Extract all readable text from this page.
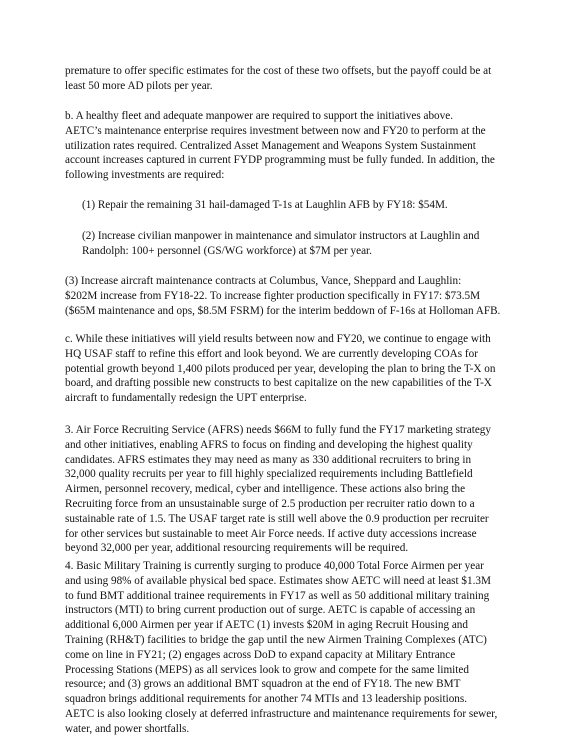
premature to offer specific estimates for the cost of these two offsets, but the payoff could be at
least 50 more AD pilots per year.

b. A healthy fleet and adequate manpower are required to support the initiatives above.
AETC’s maintenance enterprise requires investment between now and FY20 to perform at the
utilization rates required. Centralized Asset Management and Weapons System Sustainment
account increases captured in current FYDP programming must be fully funded. In addition, the
following investments are required:

(1) Repair the remaining 31 hail-damaged T-1s at Laughlin AFB by FY18: $54M.

(2) Increase civilian manpower in maintenance and simulator instructors at Laughlin and
Randolph: 100+ personnel (GS/WG workforce) at $7M per year.

(3) Increase aircraft maintenance contracts at Columbus, Vance, Sheppard and Laughlin:
$202M increase from FY18-22. To increase fighter production specifically in FY17: $73.5M
($65M maintenance and ops, $8.5M FSRM) for the interim beddown of F-16s at Holloman AFB.

c. While these initiatives will yield results between now and FY20, we continue to engage with
HQ USAF staff to refine this effort and look beyond. We are currently developing COAs for
potential growth beyond 1,400 pilots produced per year, developing the plan to bring the T-X on
board, and drafting possible new constructs to best capitalize on the new capabilities of the T-X
aircraft to fundamentally redesign the UPT enterprise.

3. Air Force Recruiting Service (AFRS) needs $66M to fully fund the FY17 marketing strategy
and other initiatives, enabling AFRS to focus on finding and developing the highest quality
candidates. AFRS estimates they may need as many as 330 additional recruiters to bring in
32,000 quality recruits per year to fill highly specialized requirements including Battlefield
Airmen, personnel recovery, medical, cyber and intelligence. These actions also bring the
Recruiting force from an unsustainable surge of 2.5 production per recruiter ratio down to a
sustainable rate of 1.5. The USAF target rate is still well above the 0.9 production per recruiter
for other services but sustainable to meet Air Force needs. If active duty accessions increase
beyond 32,000 per year, additional resourcing requirements will be required.

4. Basic Military Training is currently surging to produce 40,000 Total Force Airmen per year
and using 98% of available physical bed space. Estimates show AETC will need at least $1.3M
to fund BMT additional trainee requirements in FY17 as well as 50 additional military training
instructors (MTI) to bring current production out of surge. AETC is capable of accessing an
additional 6,000 Airmen per year if AETC (1) invests $20M in aging Recruit Housing and
Training (RH&T) facilities to bridge the gap until the new Airmen Training Complexes (ATC)
come on line in FY21; (2) engages across DoD to expand capacity at Military Entrance
Processing Stations (MEPS) as all services look to grow and compete for the same limited
resource; and (3) grows an additional BMT squadron at the end of FY18. The new BMT
squadron brings additional requirements for another 74 MTIs and 13 leadership positions.
AETC is also looking closely at deferred infrastructure and maintenance requirements for sewer,
water, and power shortfalls.
